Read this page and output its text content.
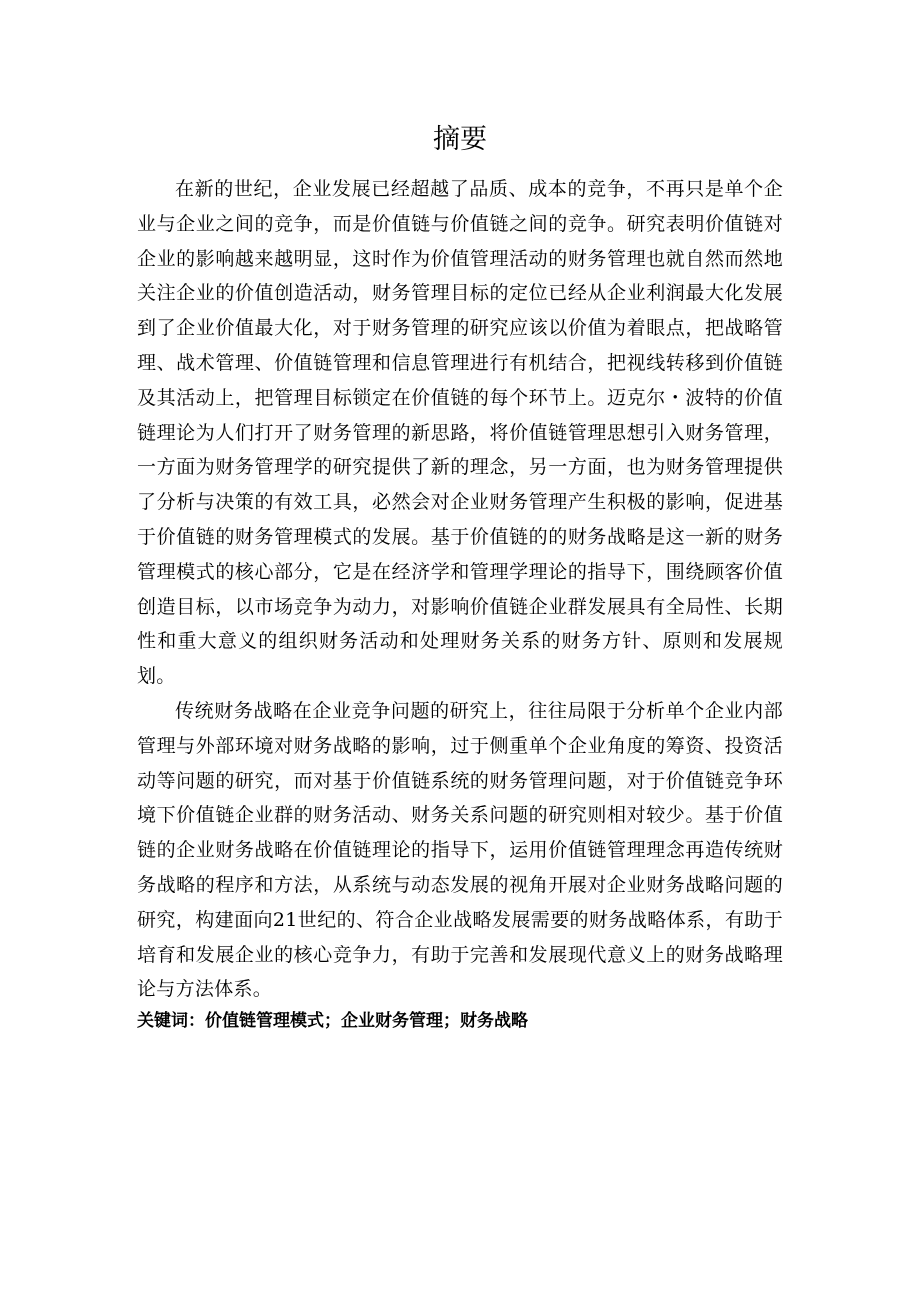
摘要

在新的世纪，企业发展已经超越了品质、成本的竞争，不再只是单个企业与企业之间的竞争，而是价值链与价值链之间的竞争。研究表明价值链对企业的影响越来越明显，这时作为价值管理活动的财务管理也就自然而然地关注企业的价值创造活动，财务管理目标的定位已经从企业利润最大化发展到了企业价值最大化，对于财务管理的研究应该以价值为着眼点，把战略管理、战术管理、价值链管理和信息管理进行有机结合，把视线转移到价值链及其活动上，把管理目标锁定在价值链的每个环节上。迈克尔・波特的价值链理论为人们打开了财务管理的新思路，将价值链管理思想引入财务管理，一方面为财务管理学的研究提供了新的理念，另一方面，也为财务管理提供了分析与决策的有效工具，必然会对企业财务管理产生积极的影响，促进基于价值链的财务管理模式的发展。基于价值链的的财务战略是这一新的财务管理模式的核心部分，它是在经济学和管理学理论的指导下，围绕顾客价值创造目标，以市场竞争为动力，对影响价值链企业群发展具有全局性、长期性和重大意义的组织财务活动和处理财务关系的财务方针、原则和发展规划。

传统财务战略在企业竞争问题的研究上，往往局限于分析单个企业内部管理与外部环境对财务战略的影响，过于侧重单个企业角度的筹资、投资活动等问题的研究，而对基于价值链系统的财务管理问题，对于价值链竞争环境下价值链企业群的财务活动、财务关系问题的研究则相对较少。基于价值链的企业财务战略在价值链理论的指导下，运用价值链管理理念再造传统财务战略的程序和方法，从系统与动态发展的视角开展对企业财务战略问题的研究，构建面向21世纪的、符合企业战略发展需要的财务战略体系，有助于培育和发展企业的核心竞争力，有助于完善和发展现代意义上的财务战略理论与方法体系。

关键词：价值链管理模式；企业财务管理；财务战略
